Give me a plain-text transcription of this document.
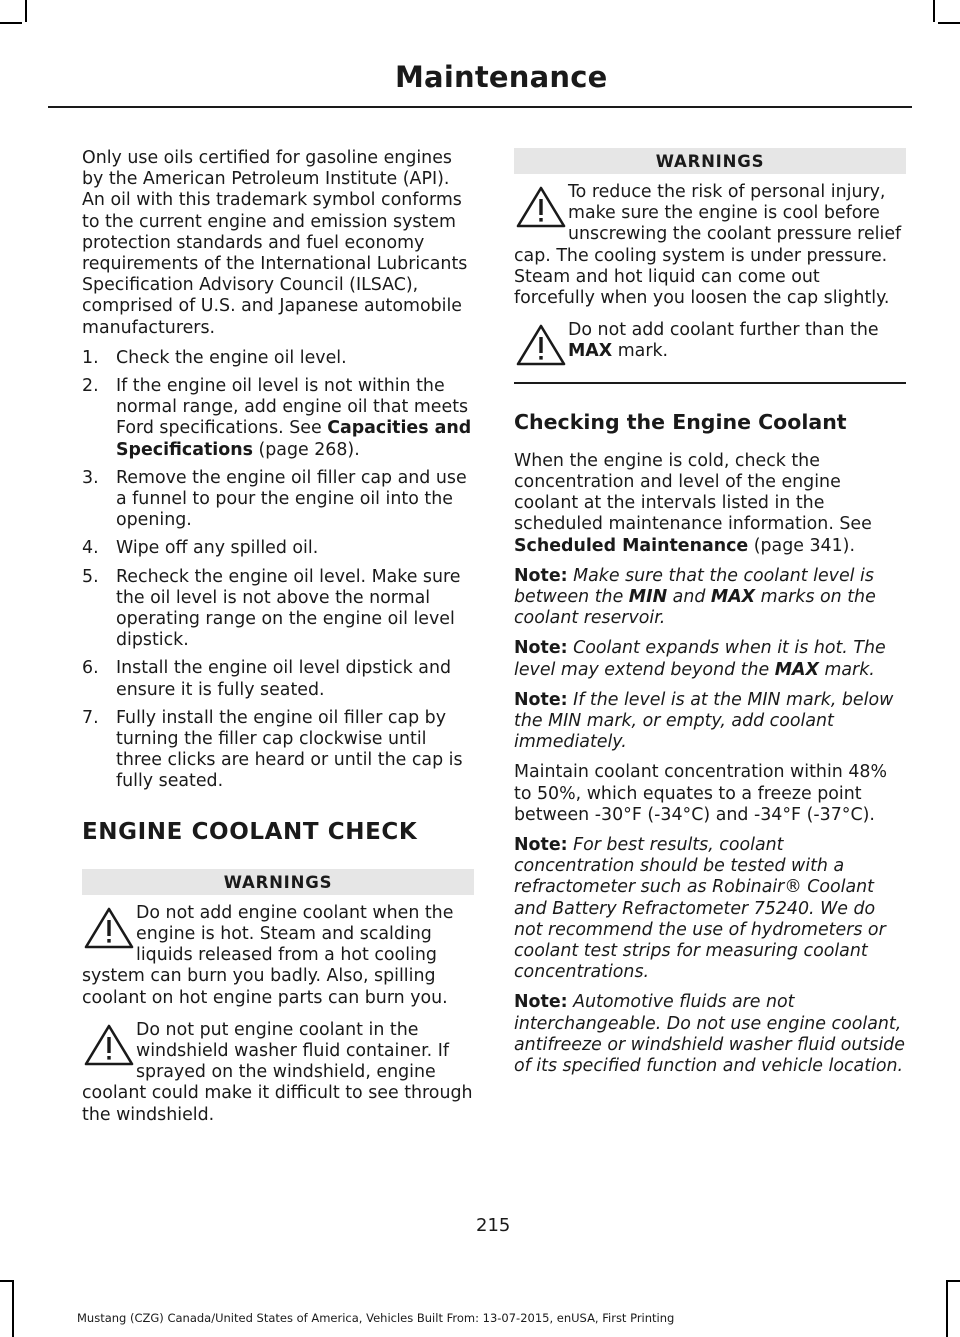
Maintenance

Only use oils certified for gasoline engines by the American Petroleum Institute (API). An oil with this trademark symbol conforms to the current engine and emission system protection standards and fuel economy requirements of the International Lubricants Specification Advisory Council (ILSAC), comprised of U.S. and Japanese automobile manufacturers.

1. Check the engine oil level.
2. If the engine oil level is not within the normal range, add engine oil that meets Ford specifications. See Capacities and Specifications (page 268).
3. Remove the engine oil filler cap and use a funnel to pour the engine oil into the opening.
4. Wipe off any spilled oil.
5. Recheck the engine oil level. Make sure the oil level is not above the normal operating range on the engine oil level dipstick.
6. Install the engine oil level dipstick and ensure it is fully seated.
7. Fully install the engine oil filler cap by turning the filler cap clockwise until three clicks are heard or until the cap is fully seated.
ENGINE COOLANT CHECK
WARNINGS
Do not add engine coolant when the engine is hot. Steam and scalding liquids released from a hot cooling system can burn you badly. Also, spilling coolant on hot engine parts can burn you.
Do not put engine coolant in the windshield washer fluid container. If sprayed on the windshield, engine coolant could make it difficult to see through the windshield.
WARNINGS
To reduce the risk of personal injury, make sure the engine is cool before unscrewing the coolant pressure relief cap. The cooling system is under pressure. Steam and hot liquid can come out forcefully when you loosen the cap slightly.
Do not add coolant further than the MAX mark.
Checking the Engine Coolant

When the engine is cold, check the concentration and level of the engine coolant at the intervals listed in the scheduled maintenance information. See Scheduled Maintenance (page 341).

Note: Make sure that the coolant level is between the MIN and MAX marks on the coolant reservoir.

Note: Coolant expands when it is hot. The level may extend beyond the MAX mark.

Note: If the level is at the MIN mark, below the MIN mark, or empty, add coolant immediately.

Maintain coolant concentration within 48% to 50%, which equates to a freeze point between -30°F (-34°C) and -34°F (-37°C).

Note: For best results, coolant concentration should be tested with a refractometer such as Robinair® Coolant and Battery Refractometer 75240. We do not recommend the use of hydrometers or coolant test strips for measuring coolant concentrations.

Note: Automotive fluids are not interchangeable. Do not use engine coolant, antifreeze or windshield washer fluid outside of its specified function and vehicle location.

215
Mustang (CZG) Canada/United States of America, Vehicles Built From: 13-07-2015, enUSA, First Printing
